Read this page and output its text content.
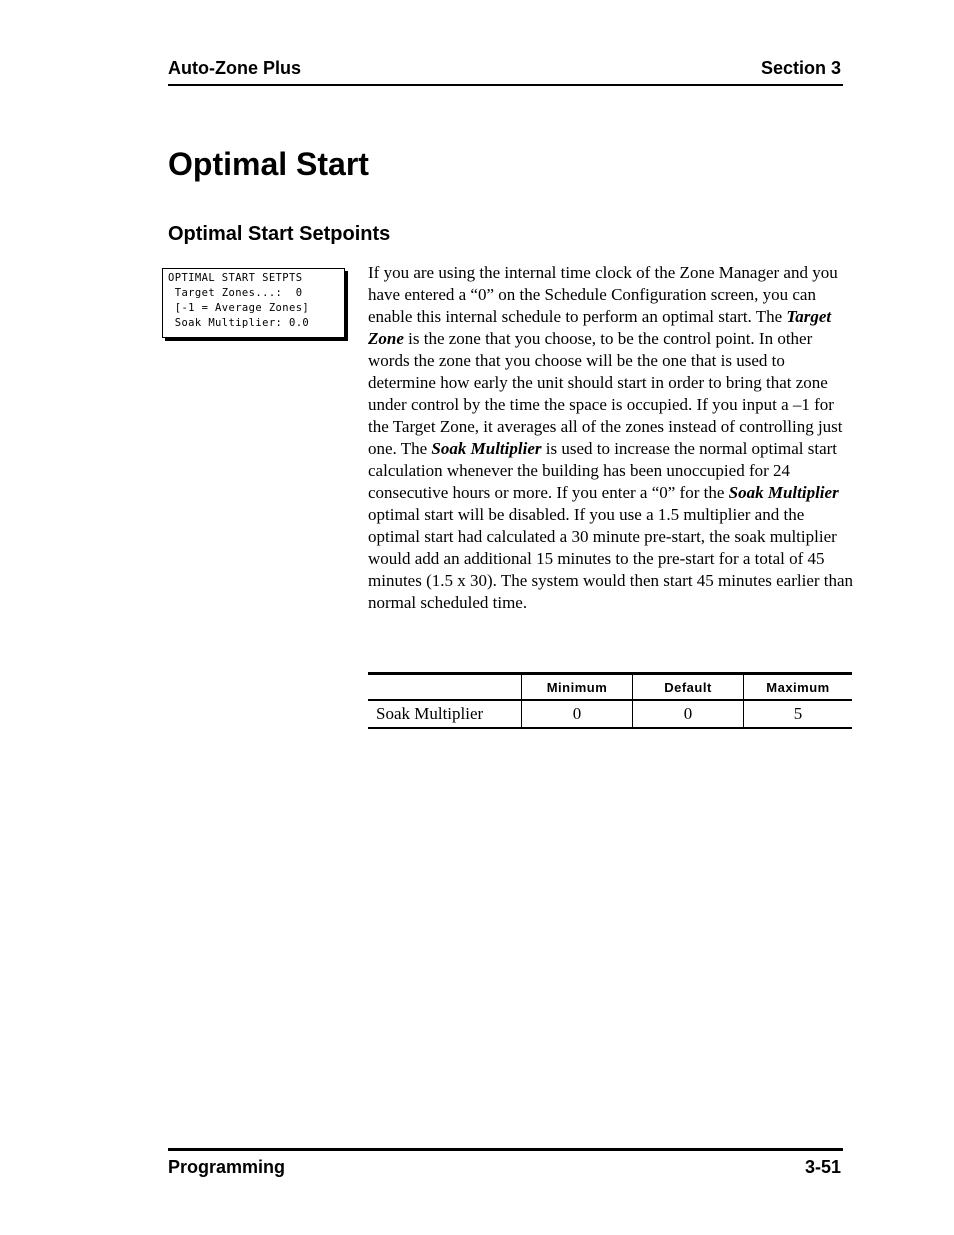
Auto-Zone Plus	Section 3
Optimal Start
Optimal Start Setpoints
OPTIMAL START SETPTS
Target Zones...:  0
[-1 = Average Zones]
Soak Multiplier: 0.0
If you are using the internal time clock of the Zone Manager and you have entered a “0” on the Schedule Configuration screen, you can enable this internal schedule to perform an optimal start. The Target Zone is the zone that you choose, to be the control point. In other words the zone that you choose will be the one that is used to determine how early the unit should start in order to bring that zone under control by the time the space is occupied. If you input a –1 for the Target Zone, it averages all of the zones instead of controlling just one. The Soak Multiplier is used to increase the normal optimal start calculation whenever the building has been unoccupied for 24 consecutive hours or more. If you enter a “0” for the Soak Multiplier optimal start will be disabled. If you use a 1.5 multiplier and the optimal start had calculated a 30 minute pre-start, the soak multiplier would add an additional 15 minutes to the pre-start for a total of 45 minutes (1.5 x 30). The system would then start 45 minutes earlier than normal scheduled time.
	Minimum	Default	Maximum
Soak Multiplier	0	0	5
Programming	3-51
